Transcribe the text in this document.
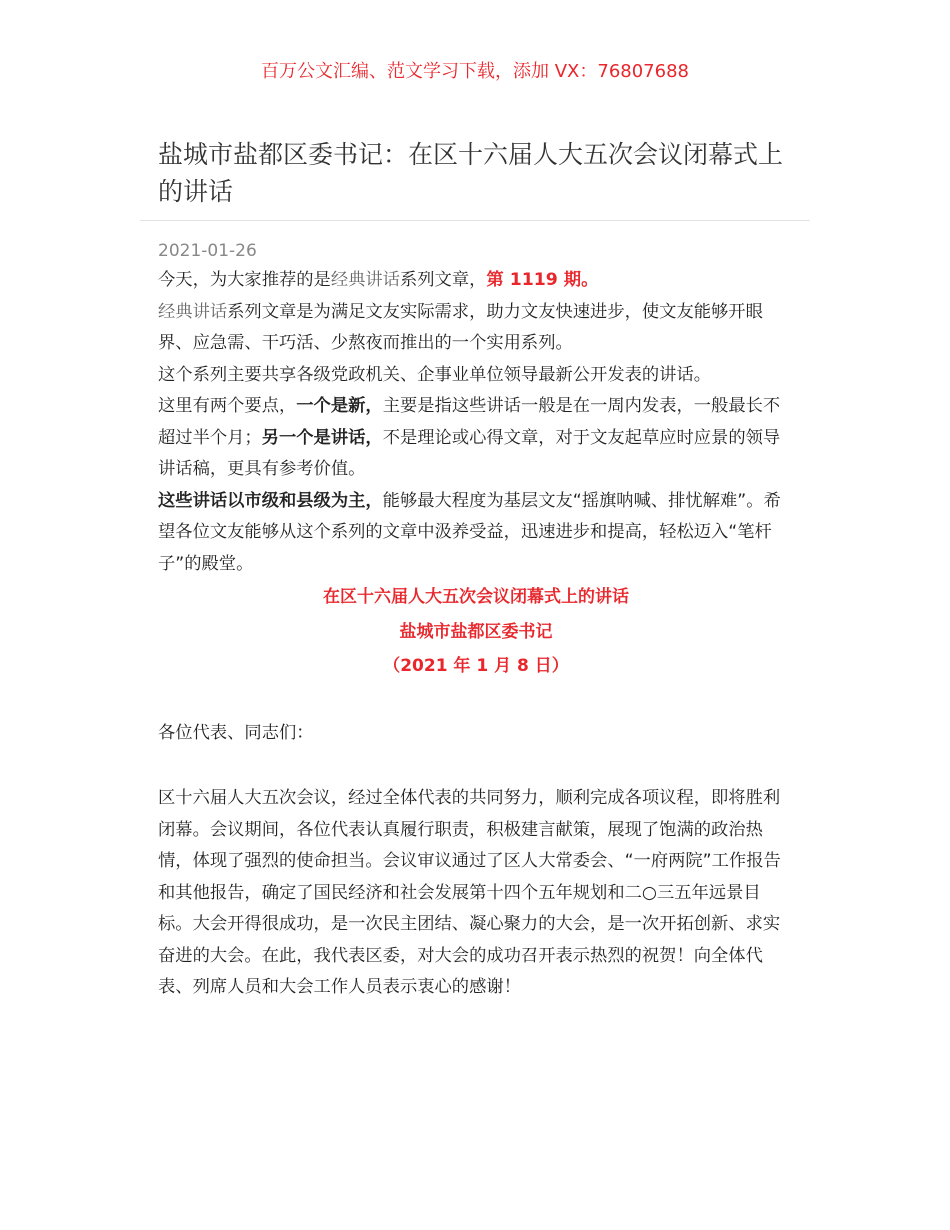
百万公文汇编、范文学习下载，添加 VX：76807688
盐城市盐都区委书记：在区十六届人大五次会议闭幕式上的讲话
2021-01-26

今天，为大家推荐的是经典讲话系列文章，第 1119 期。

经典讲话系列文章是为满足文友实际需求，助力文友快速进步，使文友能够开眼界、应急需、干巧活、少熬夜而推出的一个实用系列。

这个系列主要共享各级党政机关、企事业单位领导最新公开发表的讲话。

这里有两个要点，一个是新，主要是指这些讲话一般是在一周内发表，一般最长不超过半个月；另一个是讲话，不是理论或心得文章，对于文友起草应时应景的领导讲话稿，更具有参考价值。

这些讲话以市级和县级为主，能够最大程度为基层文友“摇旗呐喊、排忧解难”。希望各位文友能够从这个系列的文章中汲养受益，迅速进步和提高，轻松迈入“笔杆子”的殿堂。

在区十六届人大五次会议闭幕式上的讲话
盐城市盐都区委书记
（2021 年 1 月 8 日）

各位代表、同志们：

区十六届人大五次会议，经过全体代表的共同努力，顺利完成各项议程，即将胜利闭幕。会议期间，各位代表认真履行职责，积极建言献策，展现了饱满的政治热情，体现了强烈的使命担当。会议审议通过了区人大常委会、“一府两院”工作报告和其他报告，确定了国民经济和社会发展第十四个五年规划和二○三五年远景目标。大会开得很成功，是一次民主团结、凝心聚力的大会，是一次开拓创新、求实奋进的大会。在此，我代表区委，对大会的成功召开表示热烈的祝贺！向全体代表、列席人员和大会工作人员表示衷心的感谢！
